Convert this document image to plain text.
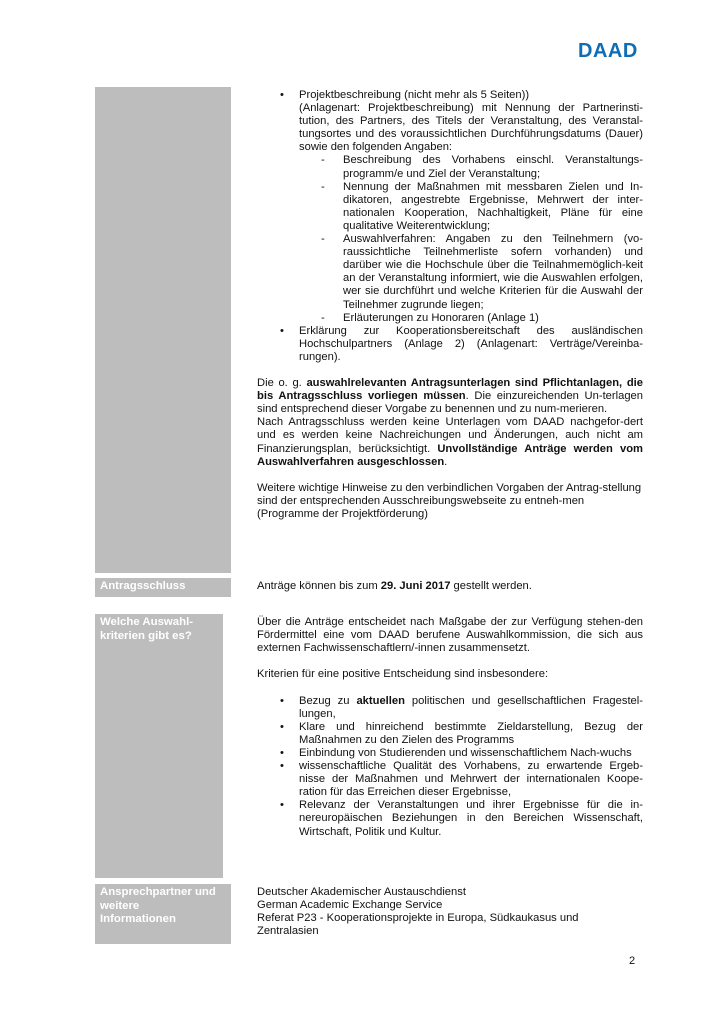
DAAD
• Projektbeschreibung (nicht mehr als 5 Seiten))
(Anlagenart: Projektbeschreibung) mit Nennung der Partnerinsti-tution, des Partners, des Titels der Veranstaltung, des Veranstal-tungsortes und des voraussichtlichen Durchführungsdatums (Dauer) sowie den folgenden Angaben:
- Beschreibung des Vorhabens einschl. Veranstaltungs-programm/e und Ziel der Veranstaltung;
- Nennung der Maßnahmen mit messbaren Zielen und In-dikatoren, angestrebte Ergebnisse, Mehrwert der inter-nationalen Kooperation, Nachhaltigkeit, Pläne für eine qualitative Weiterentwicklung;
- Auswahlverfahren: Angaben zu den Teilnehmern (vo-raussichtliche Teilnehmerliste sofern vorhanden) und darüber wie die Hochschule über die Teilnahmemöglich-keit an der Veranstaltung informiert, wie die Auswahlen erfolgen, wer sie durchführt und welche Kriterien für die Auswahl der Teilnehmer zugrunde liegen;
- Erläuterungen zu Honoraren (Anlage 1)
• Erklärung zur Kooperationsbereitschaft des ausländischen Hochschulpartners (Anlage 2) (Anlagenart: Verträge/Vereinba-rungen).

Die o. g. auswahlrelevanten Antragsunterlagen sind Pflichtanlagen, die bis Antragsschluss vorliegen müssen. Die einzureichenden Un-terlagen sind entsprechend dieser Vorgabe zu benennen und zu num-merieren.

Nach Antragsschluss werden keine Unterlagen vom DAAD nachgefor-dert und es werden keine Nachreichungen und Änderungen, auch nicht am Finanzierungsplan, berücksichtigt. Unvollständige Anträge werden vom Auswahlverfahren ausgeschlossen.

Weitere wichtige Hinweise zu den verbindlichen Vorgaben der Antrag-stellung sind der entsprechenden Ausschreibungswebseite zu entneh-men (Programme der Projektförderung)

Antragsschluss	Anträge können bis zum 29. Juni 2017 gestellt werden.

Welche Auswahl-kriterien gibt es?

Über die Anträge entscheidet nach Maßgabe der zur Verfügung stehen-den Fördermittel eine vom DAAD berufene Auswahlkommission, die sich aus externen Fachwissenschaftlern/-innen zusammensetzt.

Kriterien für eine positive Entscheidung sind insbesondere:

• Bezug zu aktuellen politischen und gesellschaftlichen Fragestel-lungen,
• Klare und hinreichend bestimmte Zieldarstellung, Bezug der Maßnahmen zu den Zielen des Programms
• Einbindung von Studierenden und wissenschaftlichem Nach-wuchs
• wissenschaftliche Qualität des Vorhabens, zu erwartende Ergeb-nisse der Maßnahmen und Mehrwert der internationalen Koope-ration für das Erreichen dieser Ergebnisse,
• Relevanz der Veranstaltungen und ihrer Ergebnisse für die in-nereuropäischen Beziehungen in den Bereichen Wissenschaft, Wirtschaft, Politik und Kultur.
Ansprechpartner und
weitere
Informationen

Deutscher Akademischer Austauschdienst

German Academic Exchange Service

Referat P23 - Kooperationsprojekte in Europa, Südkaukasus und Zentralasien

2
